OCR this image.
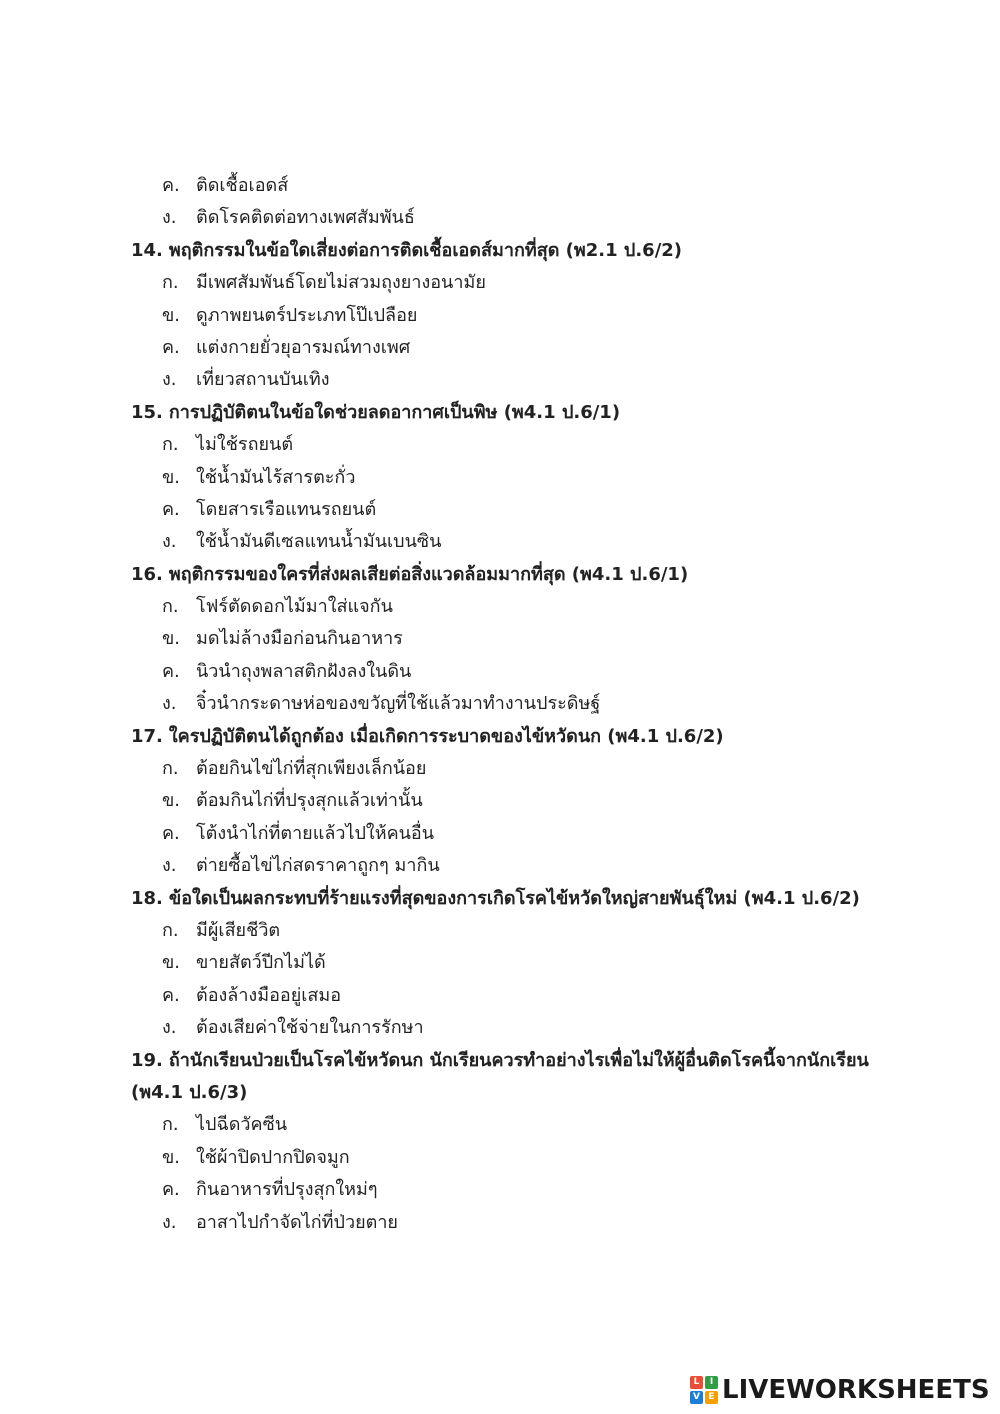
ค. ติดเชื้อเอดส์
ง. ติดโรคติดต่อทางเพศสัมพันธ์
14. พฤติกรรมในข้อใดเสี่ยงต่อการติดเชื้อเอดส์มากที่สุด (พ2.1 ป.6/2)
ก. มีเพศสัมพันธ์โดยไม่สวมถุงยางอนามัย
ข. ดูภาพยนตร์ประเภทโป๊เปลือย
ค. แต่งกายยั่วยุอารมณ์ทางเพศ
ง. เที่ยวสถานบันเทิง
15. การปฏิบัติตนในข้อใดช่วยลดอากาศเป็นพิษ (พ4.1 ป.6/1)
ก. ไม่ใช้รถยนต์
ข. ใช้น้ำมันไร้สารตะกั่ว
ค. โดยสารเรือแทนรถยนต์
ง. ใช้น้ำมันดีเซลแทนน้ำมันเบนซิน
16. พฤติกรรมของใครที่ส่งผลเสียต่อสิ่งแวดล้อมมากที่สุด (พ4.1 ป.6/1)
ก. โฟร์ตัดดอกไม้มาใส่แจกัน
ข. มดไม่ล้างมือก่อนกินอาหาร
ค. นิวนำถุงพลาสติกฝังลงในดิน
ง. จิ๋วนำกระดาษห่อของขวัญที่ใช้แล้วมาทำงานประดิษฐ์
17. ใครปฏิบัติตนได้ถูกต้อง เมื่อเกิดการระบาดของไข้หวัดนก (พ4.1 ป.6/2)
ก. ต้อยกินไข่ไก่ที่สุกเพียงเล็กน้อย
ข. ต้อมกินไก่ที่ปรุงสุกแล้วเท่านั้น
ค. โต้งนำไก่ที่ตายแล้วไปให้คนอื่น
ง. ต่ายซื้อไข่ไก่สดราคาถูกๆ มากิน
18. ข้อใดเป็นผลกระทบที่ร้ายแรงที่สุดของการเกิดโรคไข้หวัดใหญ่สายพันธุ์ใหม่ (พ4.1 ป.6/2)
ก. มีผู้เสียชีวิต
ข. ขายสัตว์ปีกไม่ได้
ค. ต้องล้างมืออยู่เสมอ
ง. ต้องเสียค่าใช้จ่ายในการรักษา
19. ถ้านักเรียนป่วยเป็นโรคไข้หวัดนก นักเรียนควรทำอย่างไรเพื่อไม่ให้ผู้อื่นติดโรคนี้จากนักเรียน
(พ4.1 ป.6/3)
ก. ไปฉีดวัคซีน
ข. ใช้ผ้าปิดปากปิดจมูก
ค. กินอาหารที่ปรุงสุกใหม่ๆ
ง. อาสาไปกำจัดไก่ที่ป่วยตาย
L	I
V E LIVEWORKSHEETS
